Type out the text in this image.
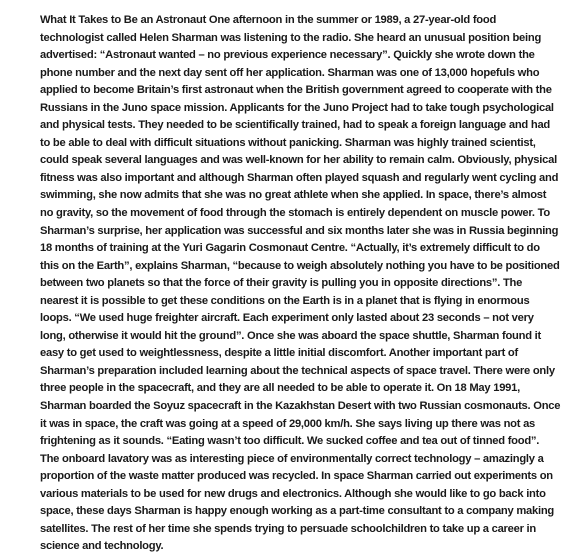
What It Takes to Be an Astronaut One afternoon in the summer or 1989, a 27-year-old food
technologist called Helen Sharman was listening to the radio. She heard an unusual position being
advertised: “Astronaut wanted – no previous experience necessary”. Quickly she wrote down the
phone number and the next day sent off her application. Sharman was one of 13,000 hopefuls who
applied to become Britain’s first astronaut when the British government agreed to cooperate with the
Russians in the Juno space mission. Applicants for the Juno Project had to take tough psychological
and physical tests. They needed to be scientifically trained, had to speak a foreign language and had
to be able to deal with difficult situations without panicking. Sharman was highly trained scientist,
could speak several languages and was well-known for her ability to remain calm. Obviously, physical
fitness was also important and although Sharman often played squash and regularly went cycling and
swimming, she now admits that she was no great athlete when she applied. In space, there’s almost
no gravity, so the movement of food through the stomach is entirely dependent on muscle power. To
Sharman’s surprise, her application was successful and six months later she was in Russia beginning
18 months of training at the Yuri Gagarin Cosmonaut Centre. “Actually, it’s extremely difficult to do
this on the Earth”, explains Sharman, “because to weigh absolutely nothing you have to be positioned
between two planets so that the force of their gravity is pulling you in opposite directions”. The
nearest it is possible to get these conditions on the Earth is in a planet that is flying in enormous
loops. “We used huge freighter aircraft. Each experiment only lasted about 23 seconds – not very
long, otherwise it would hit the ground”. Once she was aboard the space shuttle, Sharman found it
easy to get used to weightlessness, despite a little initial discomfort. Another important part of
Sharman’s preparation included learning about the technical aspects of space travel. There were only
three people in the spacecraft, and they are all needed to be able to operate it. On 18 May 1991,
Sharman boarded the Soyuz spacecraft in the Kazakhstan Desert with two Russian cosmonauts. Once
it was in space, the craft was going at a speed of 29,000 km/h. She says living up there was not as
frightening as it sounds. “Eating wasn’t too difficult. We sucked coffee and tea out of tinned food”.
The onboard lavatory was as interesting piece of environmentally correct technology – amazingly a
proportion of the waste matter produced was recycled. In space Sharman carried out experiments on
various materials to be used for new drugs and electronics. Although she would like to go back into
space, these days Sharman is happy enough working as a part-time consultant to a company making
satellites. The rest of her time she spends trying to persuade schoolchildren to take up a career in
science and technology.
